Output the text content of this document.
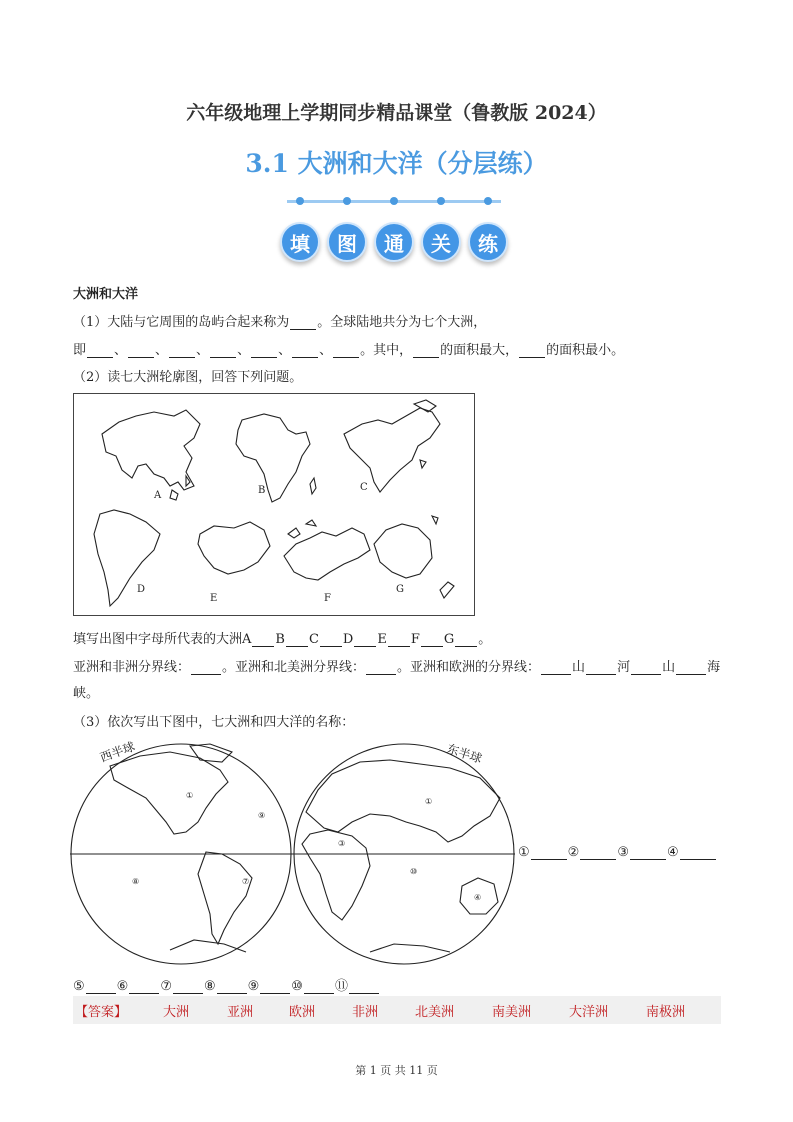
六年级地理上学期同步精品课堂（鲁教版 2024）
3.1 大洲和大洋（分层练）
填	图	通	关	练
大洲和大洋
（1）大陆与它周围的岛屿合起来称为 。全球陆地共分为七个大洲，
即 、 、 、 、 、 、 。其中， 的面积最大， 的面积最小。
（2）读七大洲轮廓图，回答下列问题。
A	B	C
D
E	F
G
填写出图中字母所代表的大洲A B C D E F G 。
亚洲和非洲分界线： 。亚洲和北美洲分界线： 。亚洲和欧洲的分界线： 山 河 山 海
峡。
（3）依次写出下图中，七大洲和四大洋的名称：
①
⑨
⑧	⑦
①
③
⑩
④
西半球	东半球
①	②	③	④
⑤ ⑥ ⑦ ⑧ ⑨ ⑩ ⑪
【答案】	大洲	亚洲	欧洲	非洲	北美洲	南美洲	大洋洲	南极洲
第 1 页 共 11 页
